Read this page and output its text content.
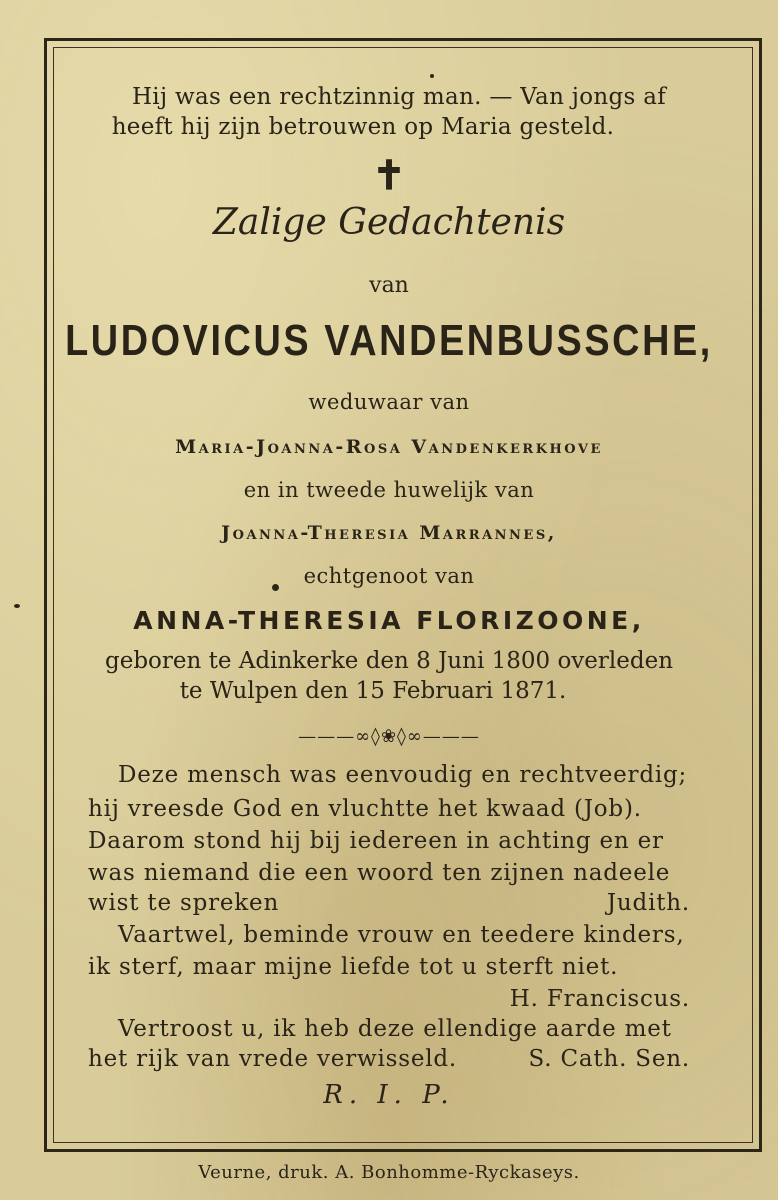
Hij was een rechtzinnig man. — Van jongs af
heeft hij zijn betrouwen op Maria gesteld.
✝
Zalige Gedachtenis
van
LUDOVICUS VANDENBUSSCHE,
weduwaar van
Maria-Joanna-Rosa Vandenkerkhove
en in tweede huwelijk van
Joanna-Theresia Marrannes,
echtgenoot van
ANNA-THERESIA FLORIZOONE,
geboren te Adinkerke den 8 Juni 1800 overleden
te Wulpen den 15 Februari 1871.
———∞◊❀◊∞———
Deze mensch was eenvoudig en rechtveerdig;
hij vreesde God en vluchtte het kwaad (Job).
Daarom stond hij bij iedereen in achting en er
was niemand die een woord ten zijnen nadeele
wist te spreken	Judith.
Vaartwel, beminde vrouw en teedere kinders,
ik sterf, maar mijne liefde tot u sterft niet.
H. Franciscus.
Vertroost u, ik heb deze ellendige aarde met
het rijk van vrede verwisseld.	S. Cath. Sen.
R. I. P.
Veurne, druk. A. Bonhomme-Ryckaseys.
